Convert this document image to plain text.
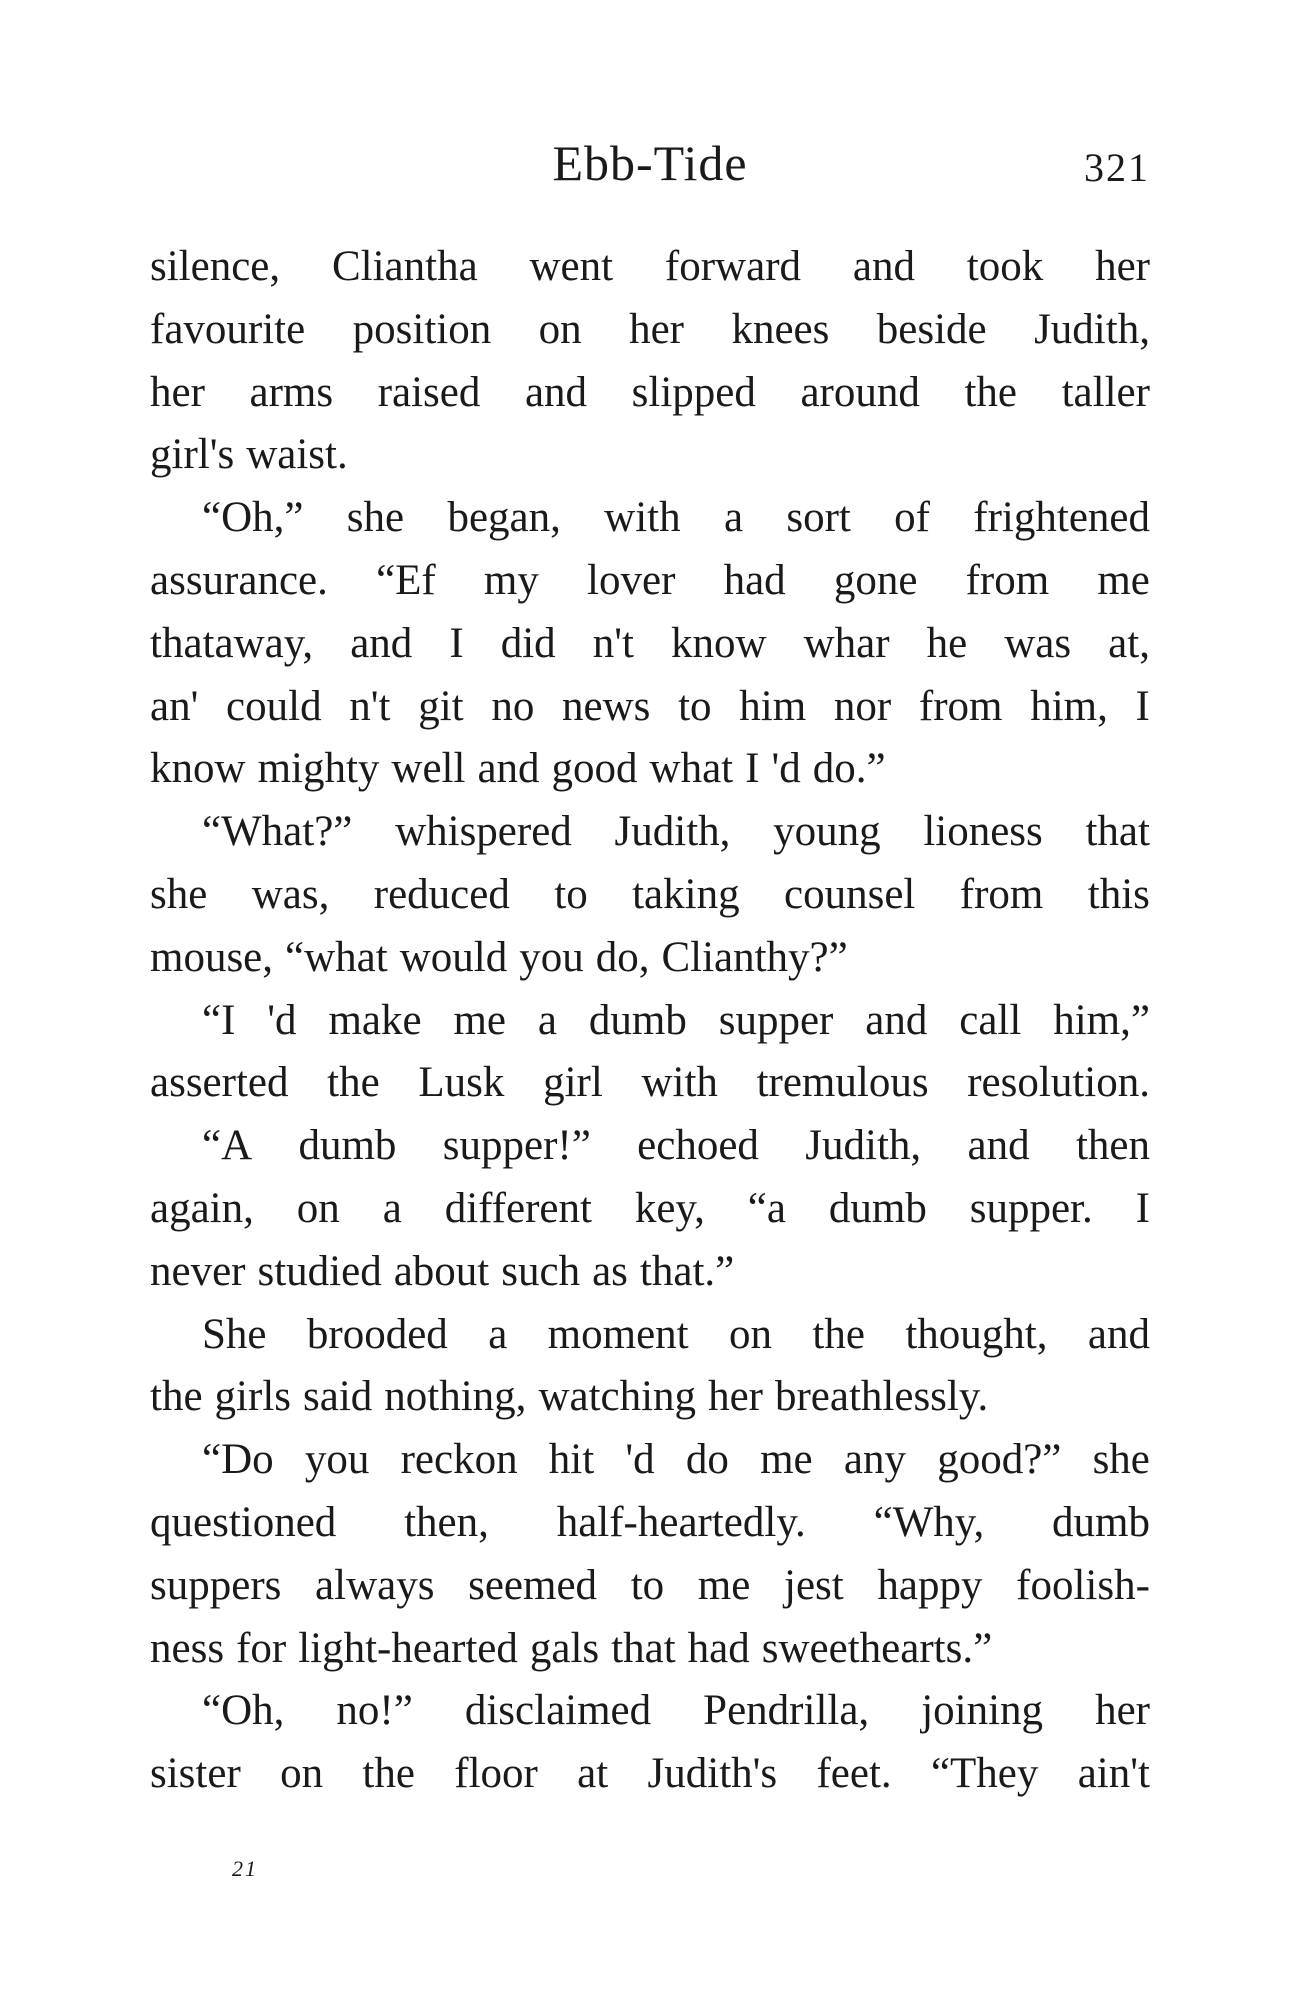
Ebb-Tide	321
silence, Cliantha went forward and took her
favourite position on her knees beside Judith,
her arms raised and slipped around the taller
girl's waist.
“Oh,” she began, with a sort of frightened
assurance. “Ef my lover had gone from me
thataway, and I did n't know whar he was at,
an' could n't git no news to him nor from him, I
know mighty well and good what I 'd do.”
“What?” whispered Judith, young lioness that
she was, reduced to taking counsel from this
mouse, “what would you do, Clianthy?”
“I 'd make me a dumb supper and call him,”
asserted the Lusk girl with tremulous resolution.
“A dumb supper!” echoed Judith, and then
again, on a different key, “a dumb supper. I
never studied about such as that.”
She brooded a moment on the thought, and
the girls said nothing, watching her breathlessly.
“Do you reckon hit 'd do me any good?” she
questioned then, half-heartedly. “Why, dumb
suppers always seemed to me jest happy foolish-
ness for light-hearted gals that had sweethearts.”
“Oh, no!” disclaimed Pendrilla, joining her
sister on the floor at Judith's feet. “They ain't
21
